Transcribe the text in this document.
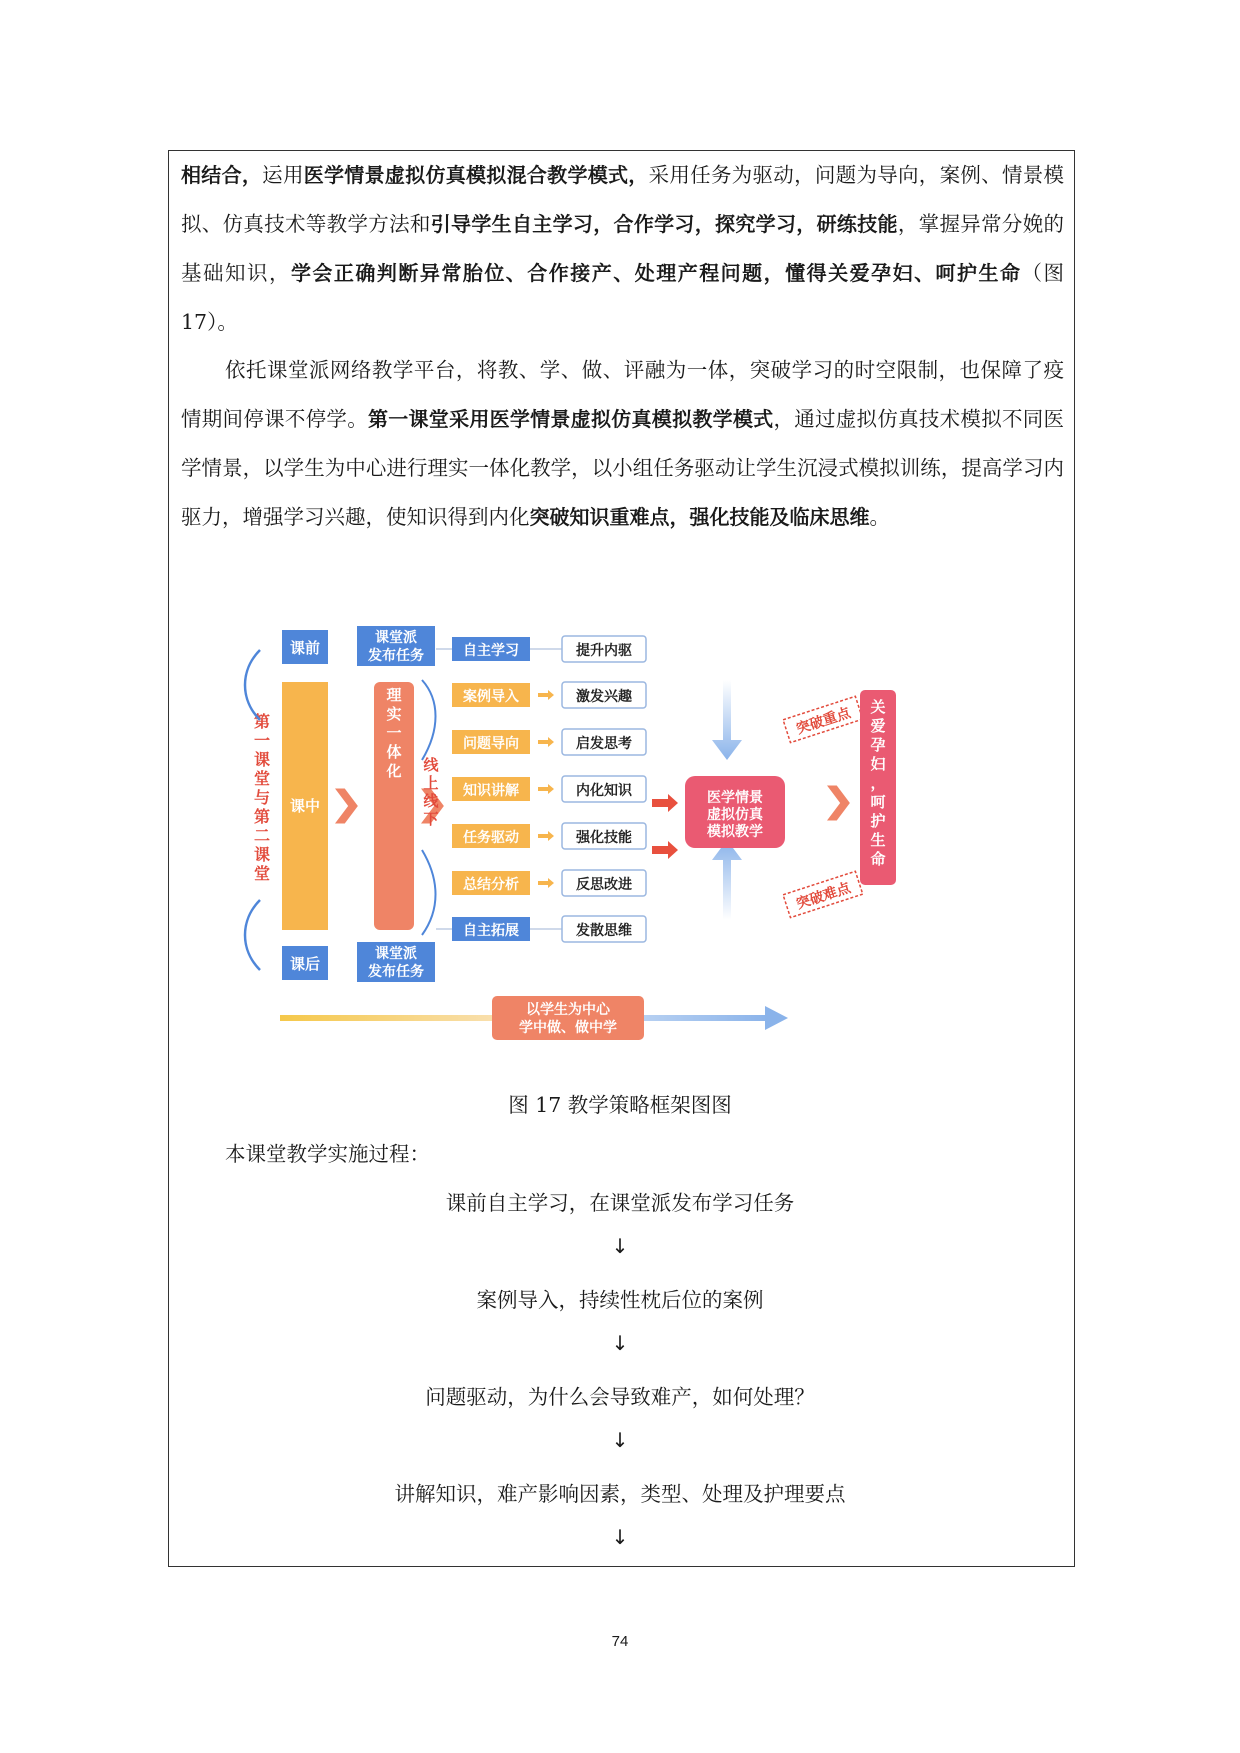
相结合，运用医学情景虚拟仿真模拟混合教学模式，采用任务为驱动，问题为导向，案例、情景模拟、仿真技术等教学方法和引导学生自主学习，合作学习，探究学习，研练技能，掌握异常分娩的基础知识，学会正确判断异常胎位、合作接产、处理产程问题，懂得关爱孕妇、呵护生命（图 17）。

依托课堂派网络教学平台，将教、学、做、评融为一体，突破学习的时空限制，也保障了疫情期间停课不停学。第一课堂采用医学情景虚拟仿真模拟教学模式，通过虚拟仿真技术模拟不同医学情景，以学生为中心进行理实一体化教学，以小组任务驱动让学生沉浸式模拟训练，提高学习内驱力，增强学习兴趣，使知识得到内化突破知识重难点，强化技能及临床思维。

第一课堂与第二课堂
课前
课中
课后
课堂派
发布任务
理实一体化
课堂派
发布任务
线上线下
自主学习	提升内驱
案例导入	激发兴趣
问题导向	启发思考
知识讲解	内化知识
任务驱动	强化技能
总结分析	反思改进
自主拓展	发散思维
医学情景
虚拟仿真
模拟教学
突破重点
突破难点
关爱孕妇，呵护生命
以学生为中心
学中做、做中学
图 17 教学策略框架图图
本课堂教学实施过程：
课前自主学习，在课堂派发布学习任务
↓
案例导入，持续性枕后位的案例
↓
问题驱动，为什么会导致难产，如何处理？
↓
讲解知识，难产影响因素，类型、处理及护理要点
↓
74
